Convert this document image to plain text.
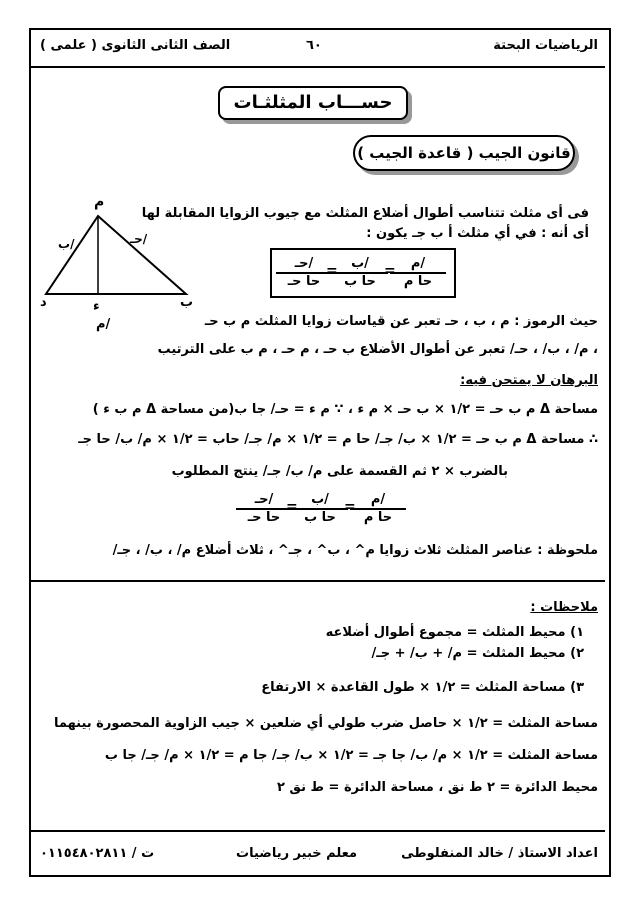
الرياضيات البحتة
٦٠
الصف الثانى الثانوى ( علمى )
حســـاب المثلثـات
قانون الجيب ( قاعدة الجيب )
فى أى مثلث تتناسب أطوال أضلاع المثلث مع جيوب الزوايا المقابلة لها
أى أنه : في أي مثلث أ ب جـ يكون :
ﻡ
د	ب
ﺀ
ب/	حـ/
ﻡ/
ﻡ/
حا ﻡ
=
ب/
حا ب
=
حـ/
حا حـ
حيث الرموز : ﻡ ، ب ، حـ تعبر عن قياسات زوايا المثلث ﻡ ب حـ
، ﻡ/ ، ب/ ، حـ/ تعبر عن أطوال الأضلاع ب حـ ، ﻡ حـ ، ﻡ ب على الترتيب
البرهان لا يمتحن فيه:
مساحة Δ ﻡ ب حـ = ١/٢ × ب حـ × ﻡ ﺀ ، ∵ ﻡ ﺀ = حـ/ جا ب(من مساحة Δ ﻡ ب ﺀ )
∴ مساحة Δ ﻡ ب حـ = ١/٢ × ب/ جـ/ حا ﻡ = ١/٢ × ﻡ/ جـ/ حاب = ١/٢ × ﻡ/ ب/ حا جـ
بالضرب × ٢ ثم القسمة على ﻡ/ ب/ جـ/ ينتج المطلوب
ﻡ/
حا ﻡ
=
ب/
حا ب
=
حـ/
حا حـ
ملحوظة : عناصر المثلث ثلاث زوايا ﻡ^ ، ب^ ، جـ^ ، ثلاث أضلاع ﻡ/ ، ب/ ، جـ/
ملاحظات :
١) محيط المثلث = مجموع أطوال أضلاعه
٢) محيط المثلث = ﻡ/ + ب/ + جـ/
٣) مساحة المثلث = ١/٢ × طول القاعدة × الارتفاع
مساحة المثلث = ١/٢ × حاصل ضرب طولي أي ضلعين × جيب الزاوية المحصورة بينهما
مساحة المثلث = ١/٢ × ﻡ/ ب/ جا جـ = ١/٢ × ب/ جـ/ جا ﻡ = ١/٢ × ﻡ/ جـ/ جا ب
محيط الدائرة = ٢ ط نق ، مساحة الدائرة = ط نق ٢
اعداد الاستاذ / خالد المنفلوطى
معلم خبير رياضيات
ت / ٠١١٥٤٨٠٢٨١١
